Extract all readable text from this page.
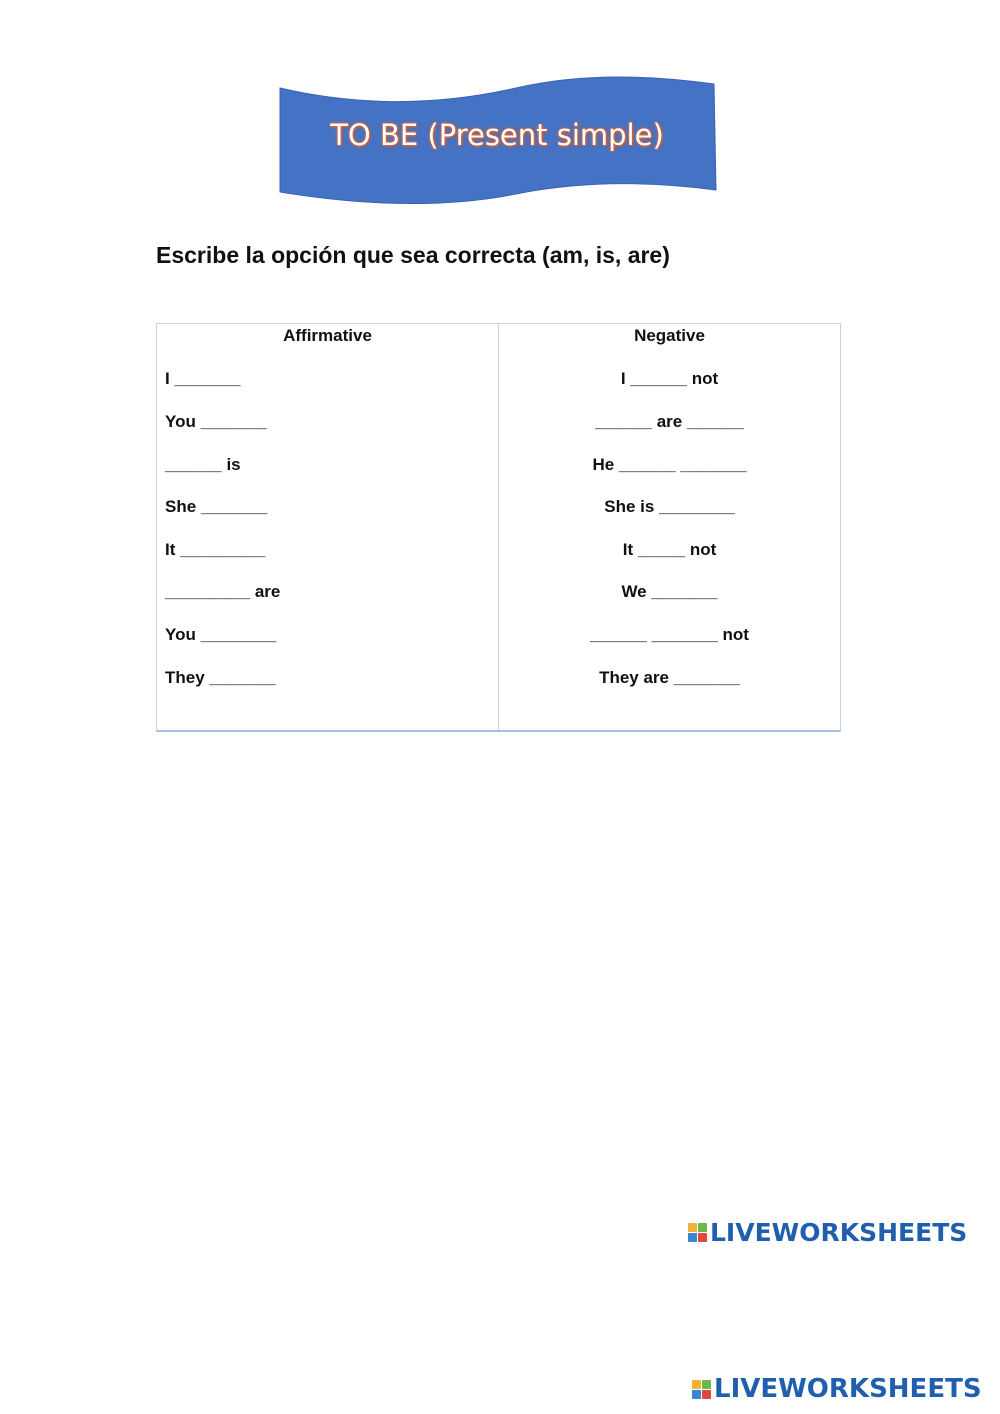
TO BE (Present simple)
Escribe la opción que sea correcta (am, is, are)
Affirmative
I _______
You _______
______ is
She _______
It _________
_________ are
You ________
They _______
Negative
I ______ not
______ are ______
He ______ _______
She is ________
It _____ not
We _______
______ _______ not
They are _______
LIVEWORKSHEETS
LIVEWORKSHEETS
